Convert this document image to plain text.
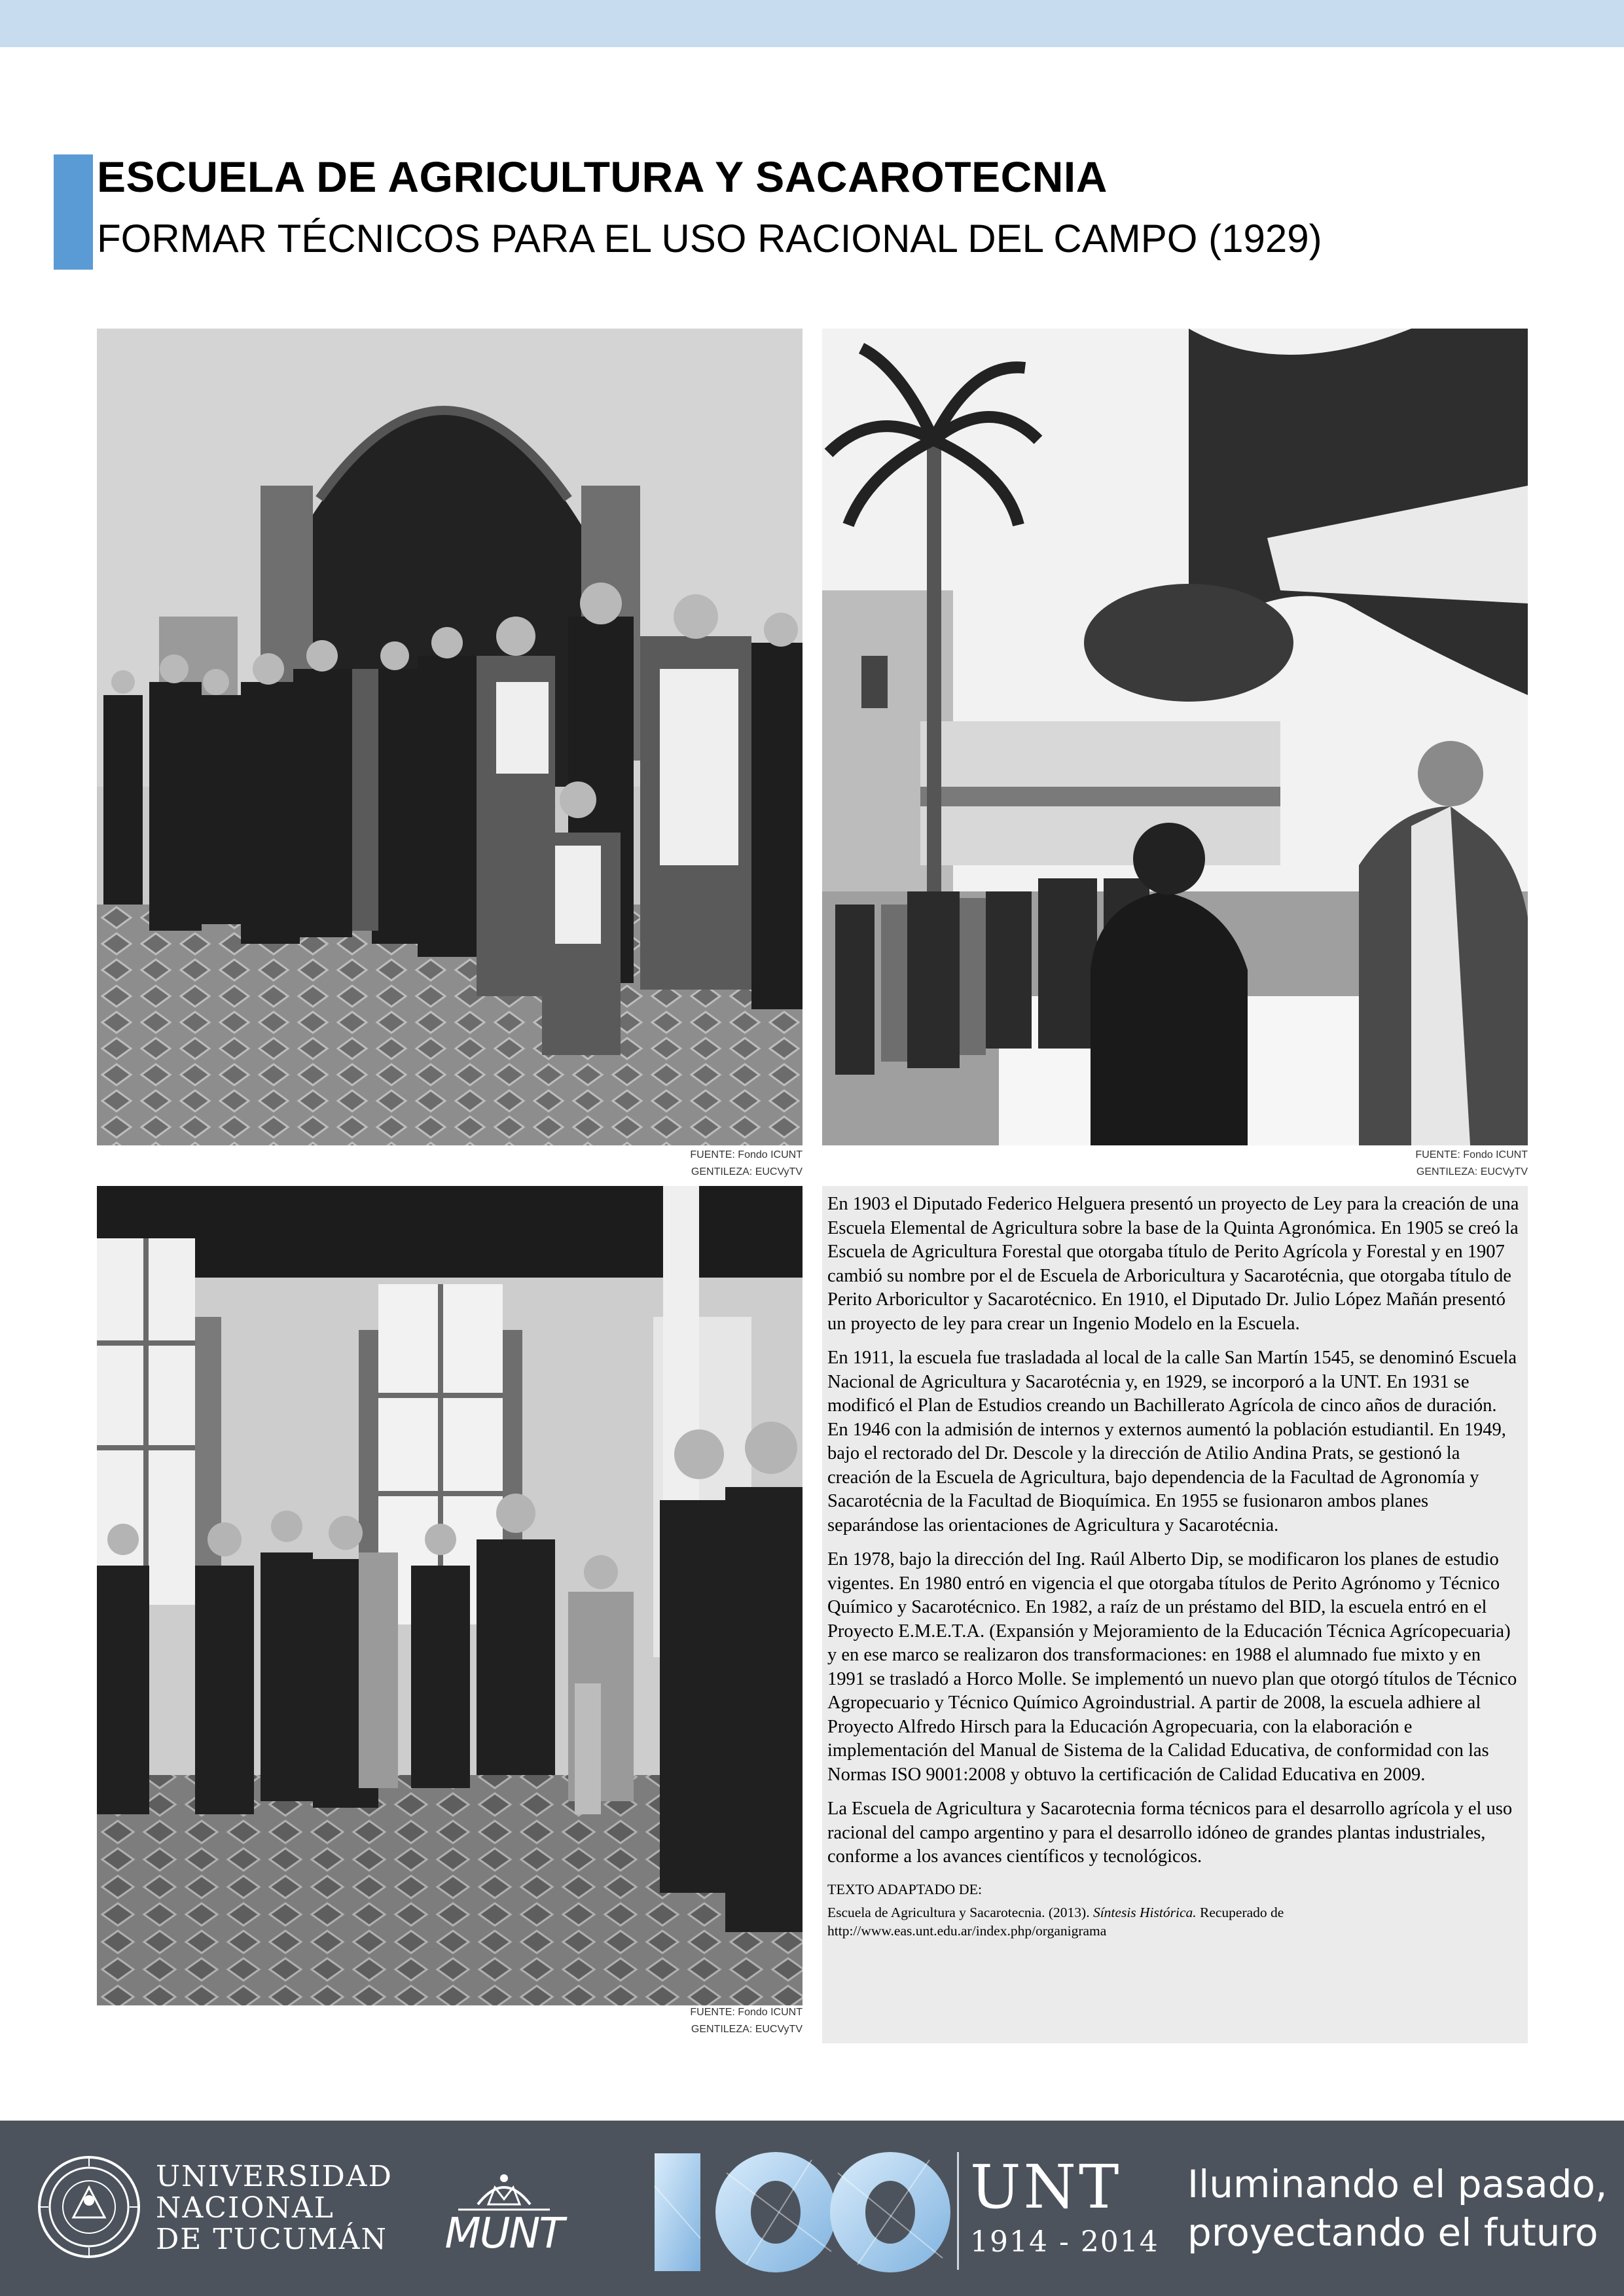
ESCUELA DE AGRICULTURA Y SACAROTECNIA
FORMAR TÉCNICOS PARA EL USO RACIONAL DEL CAMPO (1929)
FUENTE: Fondo ICUNT
GENTILEZA: EUCVyTV
FUENTE: Fondo ICUNT
GENTILEZA: EUCVyTV
FUENTE: Fondo ICUNT
GENTILEZA: EUCVyTV

En 1903 el Diputado Federico Helguera presentó un proyecto de Ley para la creación de una Escuela Elemental de Agricultura sobre la base de la Quinta Agronómica. En 1905 se creó la Escuela de Agricultura Forestal que otorgaba título de Perito Agrícola y Forestal y en 1907 cambió su nombre por el de Escuela de Arboricultura y Sacarotécnia, que otorgaba título de Perito Arboricultor y Sacarotécnico. En 1910, el Diputado Dr. Julio López Mañán presentó un proyecto de ley para crear un Ingenio Modelo en la Escuela.

En 1911, la escuela fue trasladada al local de la calle San Martín 1545, se denominó Escuela Nacional de Agricultura y Sacarotécnia y, en 1929, se incorporó a la UNT. En 1931 se modificó el Plan de Estudios creando un Bachillerato Agrícola de cinco años de duración. En 1946 con la admisión de internos y externos aumentó la población estudiantil. En 1949, bajo el rectorado del Dr. Descole y la dirección de Atilio Andina Prats, se gestionó la creación de la Escuela de Agricultura, bajo dependencia de la Facultad de Agronomía y Sacarotécnia de la Facultad de Bioquímica. En 1955 se fusionaron ambos planes separándose las orientaciones de Agricultura y Sacarotécnia.

En 1978, bajo la dirección del Ing. Raúl Alberto Dip, se modificaron los planes de estudio vigentes. En 1980 entró en vigencia el que otorgaba títulos de Perito Agrónomo y Técnico Químico y Sacarotécnico. En 1982, a raíz de un préstamo del BID, la escuela entró en el Proyecto E.M.E.T.A. (Expansión y Mejoramiento de la Educación Técnica Agrícopecuaria) y en ese marco se realizaron dos transformaciones: en 1988 el alumnado fue mixto y en 1991 se trasladó a Horco Molle. Se implementó un nuevo plan que otorgó títulos de Técnico Agropecuario y Técnico Químico Agroindustrial. A partir de 2008, la escuela adhiere al Proyecto Alfredo Hirsch para la Educación Agropecuaria, con la elaboración e implementación del Manual de Sistema de la Calidad Educativa, de conformidad con las Normas ISO 9001:2008 y obtuvo la certificación de Calidad Educativa en 2009.

La Escuela de Agricultura y Sacarotecnia forma técnicos para el desarrollo agrícola y el uso racional del campo argentino y para el desarrollo idóneo de grandes plantas industriales, conforme a los avances científicos y tecnológicos.

TEXTO ADAPTADO DE:
Escuela de Agricultura y Sacarotecnia. (2013). Síntesis Histórica. Recuperado de http://www.eas.unt.edu.ar/index.php/organigrama
UNIVERSIDAD
NACIONAL
DE TUCUMÁN	MUNT
UNT
1914 - 2014
Iluminando el pasado,
proyectando el futuro
